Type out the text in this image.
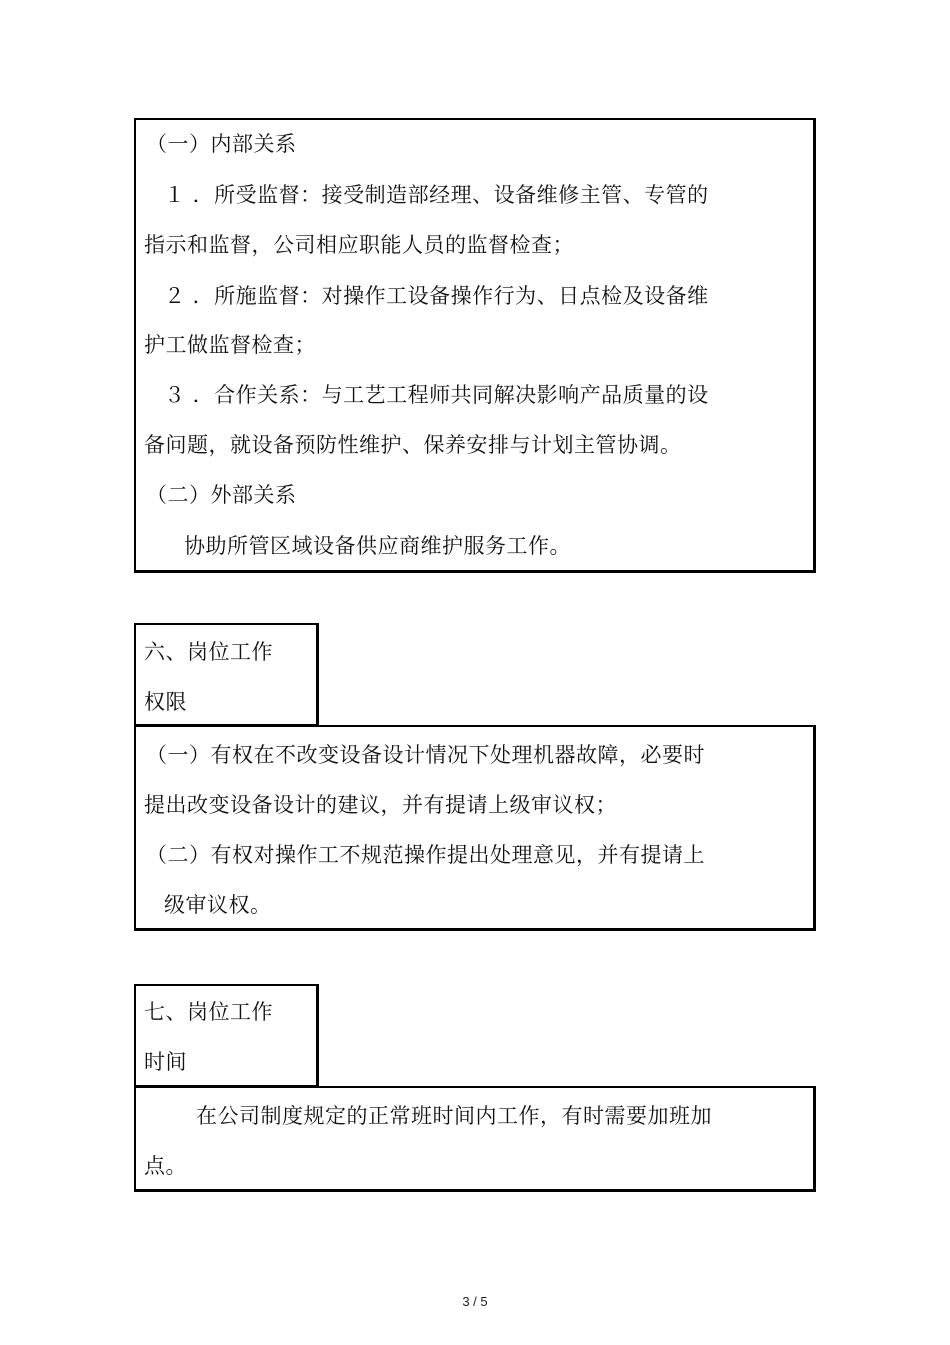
（一）内部关系
１ ．所受监督：接受制造部经理、设备维修主管、专管的
指示和监督，公司相应职能人员的监督检查；
２ ．所施监督：对操作工设备操作行为、日点检及设备维
护工做监督检查；
３ ．合作关系：与工艺工程师共同解决影响产品质量的设
备问题，就设备预防性维护、保养安排与计划主管协调。
（二）外部关系
协助所管区域设备供应商维护服务工作。
六、岗位工作
权限
（一）有权在不改变设备设计情况下处理机器故障，必要时
提出改变设备设计的建议，并有提请上级审议权；
（二）有权对操作工不规范操作提出处理意见，并有提请上
级审议权。
七、岗位工作
时间
在公司制度规定的正常班时间内工作，有时需要加班加
点。
3 / 5
